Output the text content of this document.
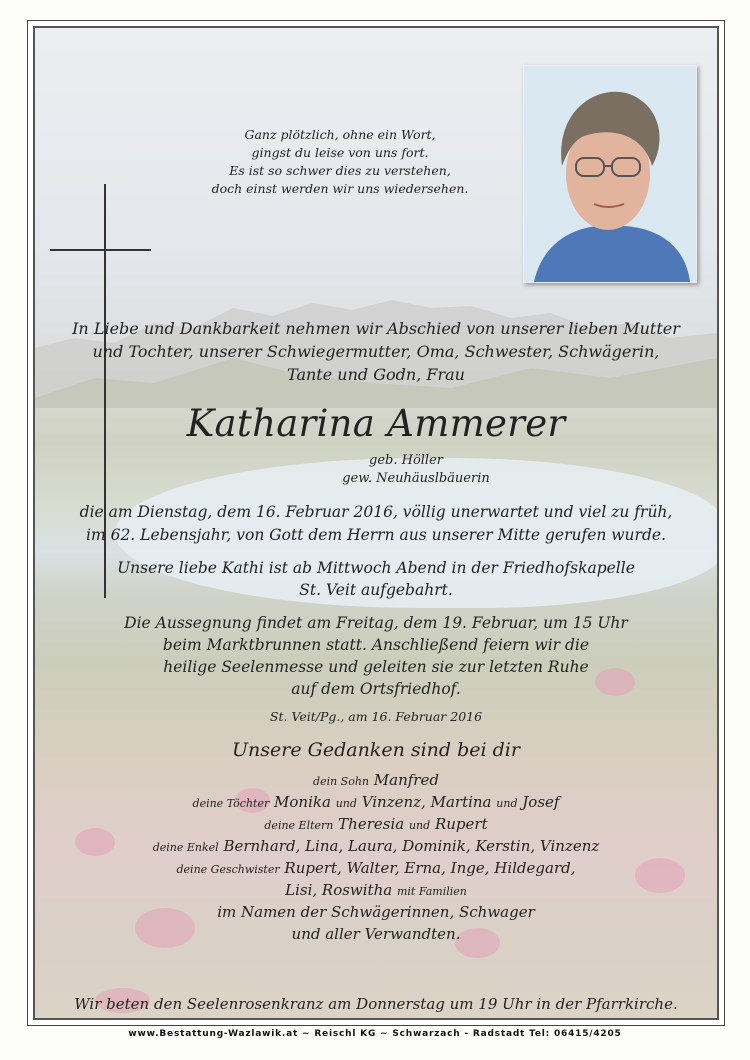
Ganz plötzlich, ohne ein Wort,
gingst du leise von uns fort.
Es ist so schwer dies zu verstehen,
doch einst werden wir uns wiedersehen.
In Liebe und Dankbarkeit nehmen wir Abschied von unserer lieben Mutter
und Tochter, unserer Schwiegermutter, Oma, Schwester, Schwägerin,
Tante und Godn, Frau
Katharina Ammerer
geb. Höller
gew. Neuhäuslbäuerin
die am Dienstag, dem 16. Februar 2016, völlig unerwartet und viel zu früh,
im 62. Lebensjahr, von Gott dem Herrn aus unserer Mitte gerufen wurde.
Unsere liebe Kathi ist ab Mittwoch Abend in der Friedhofskapelle
St. Veit aufgebahrt.
Die Aussegnung findet am Freitag, dem 19. Februar, um 15 Uhr
beim Marktbrunnen statt. Anschließend feiern wir die
heilige Seelenmesse und geleiten sie zur letzten Ruhe
auf dem Ortsfriedhof.
St. Veit/Pg., am 16. Februar 2016
Unsere Gedanken sind bei dir
dein Sohn Manfred
deine Töchter Monika und Vinzenz, Martina und Josef
deine Eltern Theresia und Rupert
deine Enkel Bernhard, Lina, Laura, Dominik, Kerstin, Vinzenz
deine Geschwister Rupert, Walter, Erna, Inge, Hildegard,
Lisi, Roswitha mit Familien
im Namen der Schwägerinnen, Schwager
und aller Verwandten.
Wir beten den Seelenrosenkranz am Donnerstag um 19 Uhr in der Pfarrkirche.
www.Bestattung-Wazlawik.at ~ Reischl KG ~ Schwarzach - Radstadt Tel: 06415/4205
